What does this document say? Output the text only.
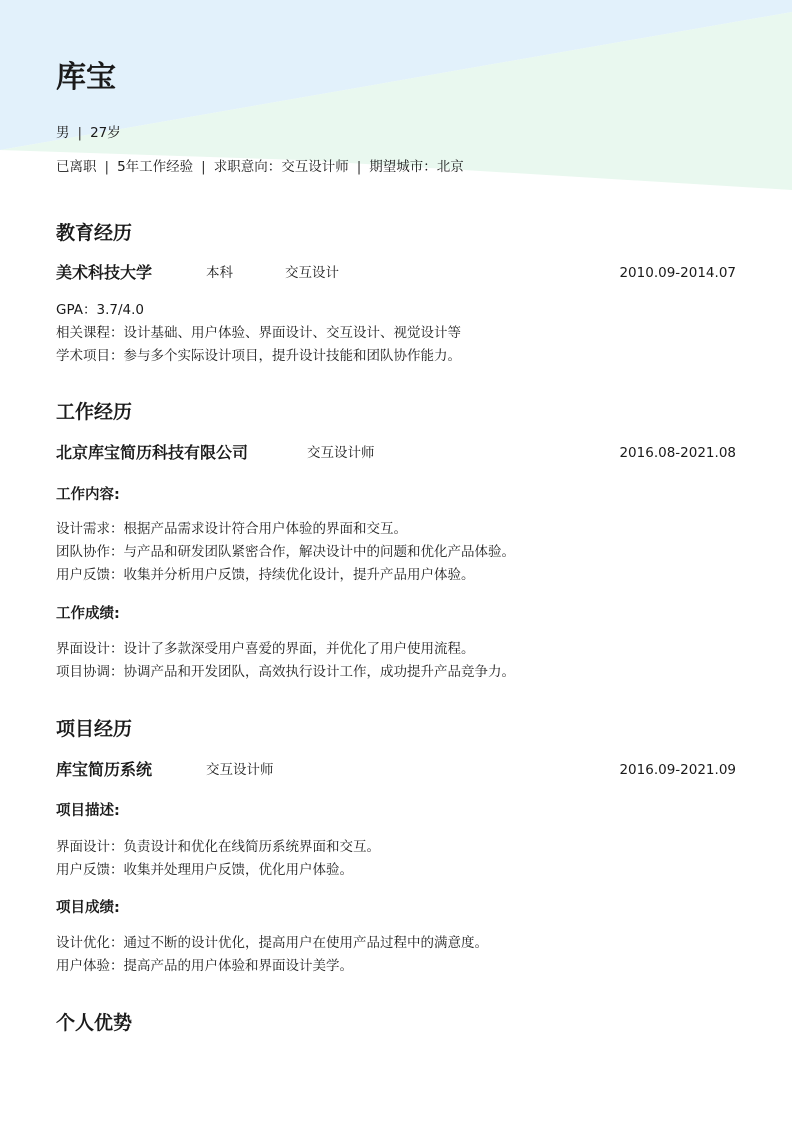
库宝
男 | 27岁
已离职 | 5年工作经验 | 求职意向：交互设计师 | 期望城市：北京
教育经历
美术科技大学	本科	交互设计	2010.09-2014.07
GPA：3.7/4.0
相关课程：设计基础、用户体验、界面设计、交互设计、视觉设计等
学术项目：参与多个实际设计项目，提升设计技能和团队协作能力。
工作经历
北京库宝简历科技有限公司	交互设计师	2016.08-2021.08
工作内容:
设计需求：根据产品需求设计符合用户体验的界面和交互。
团队协作：与产品和研发团队紧密合作，解决设计中的问题和优化产品体验。
用户反馈：收集并分析用户反馈，持续优化设计，提升产品用户体验。
工作成绩:
界面设计：设计了多款深受用户喜爱的界面，并优化了用户使用流程。
项目协调：协调产品和开发团队，高效执行设计工作，成功提升产品竞争力。
项目经历
库宝简历系统	交互设计师	2016.09-2021.09
项目描述:
界面设计：负责设计和优化在线简历系统界面和交互。
用户反馈：收集并处理用户反馈，优化用户体验。
项目成绩:
设计优化：通过不断的设计优化，提高用户在使用产品过程中的满意度。
用户体验：提高产品的用户体验和界面设计美学。
个人优势
